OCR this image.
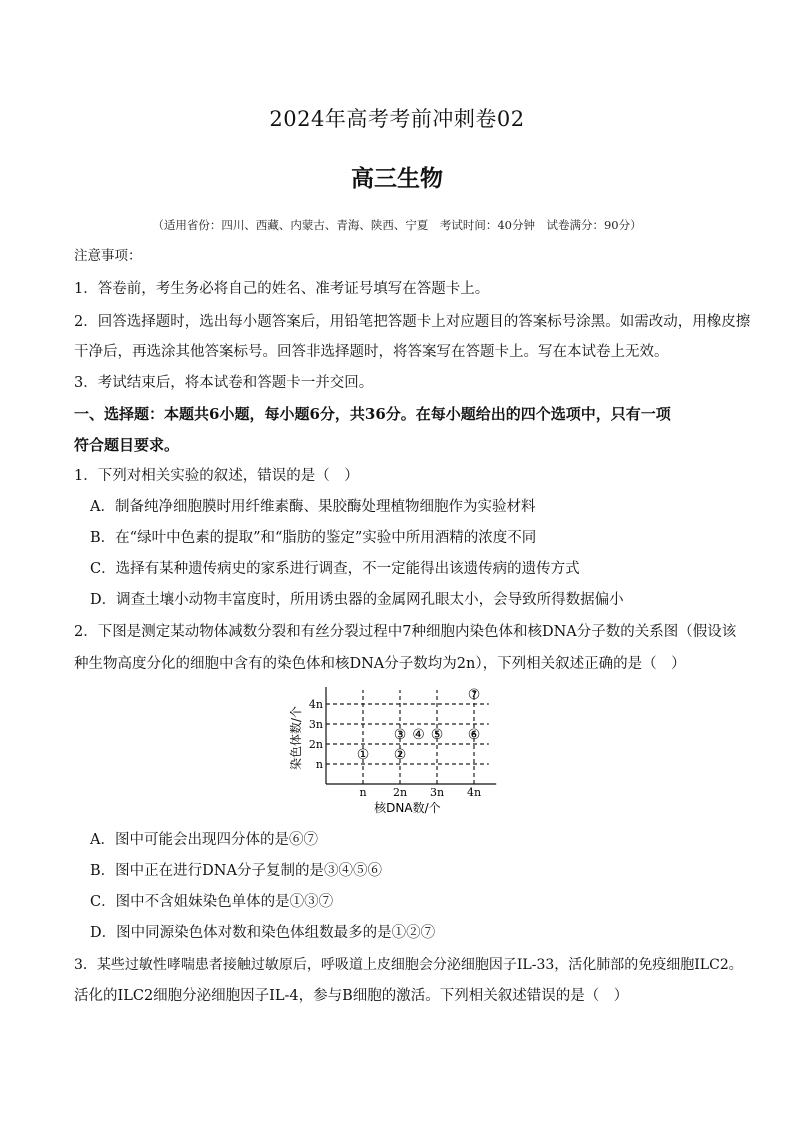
2024年高考考前冲刺卷02
高三生物
（适用省份：四川、西藏、内蒙古、青海、陕西、宁夏　考试时间：40分钟　试卷满分：90分）
注意事项：
1．答卷前，考生务必将自己的姓名、准考证号填写在答题卡上。
2．回答选择题时，选出每小题答案后，用铅笔把答题卡上对应题目的答案标号涂黑。如需改动，用橡皮擦
干净后，再选涂其他答案标号。回答非选择题时，将答案写在答题卡上。写在本试卷上无效。
3．考试结束后，将本试卷和答题卡一并交回。
一、选择题：本题共6小题，每小题6分，共36分。在每小题给出的四个选项中，只有一项
符合题目要求。
1．下列对相关实验的叙述，错误的是（　）
A．制备纯净细胞膜时用纤维素酶、果胶酶处理植物细胞作为实验材料
B．在“绿叶中色素的提取”和“脂肪的鉴定”实验中所用酒精的浓度不同
C．选择有某种遗传病史的家系进行调查，不一定能得出该遗传病的遗传方式
D．调查土壤小动物丰富度时，所用诱虫器的金属网孔眼太小，会导致所得数据偏小
2．下图是测定某动物体减数分裂和有丝分裂过程中7种细胞内染色体和核DNA分子数的关系图（假设该
种生物高度分化的细胞中含有的染色体和核DNA分子数均为2n），下列相关叙述正确的是（　）
n 2n 3n 4n
n
2n
3n
4n
核DNA数/个
染色体数/个	① ②
③ ④ ⑤ ⑥
⑦
A．图中可能会出现四分体的是⑥⑦
B．图中正在进行DNA分子复制的是③④⑤⑥
C．图中不含姐妹染色单体的是①③⑦
D．图中同源染色体对数和染色体组数最多的是①②⑦
3．某些过敏性哮喘患者接触过敏原后，呼吸道上皮细胞会分泌细胞因子IL-33，活化肺部的免疫细胞ILC2。
活化的ILC2细胞分泌细胞因子IL-4，参与B细胞的激活。下列相关叙述错误的是（　）
